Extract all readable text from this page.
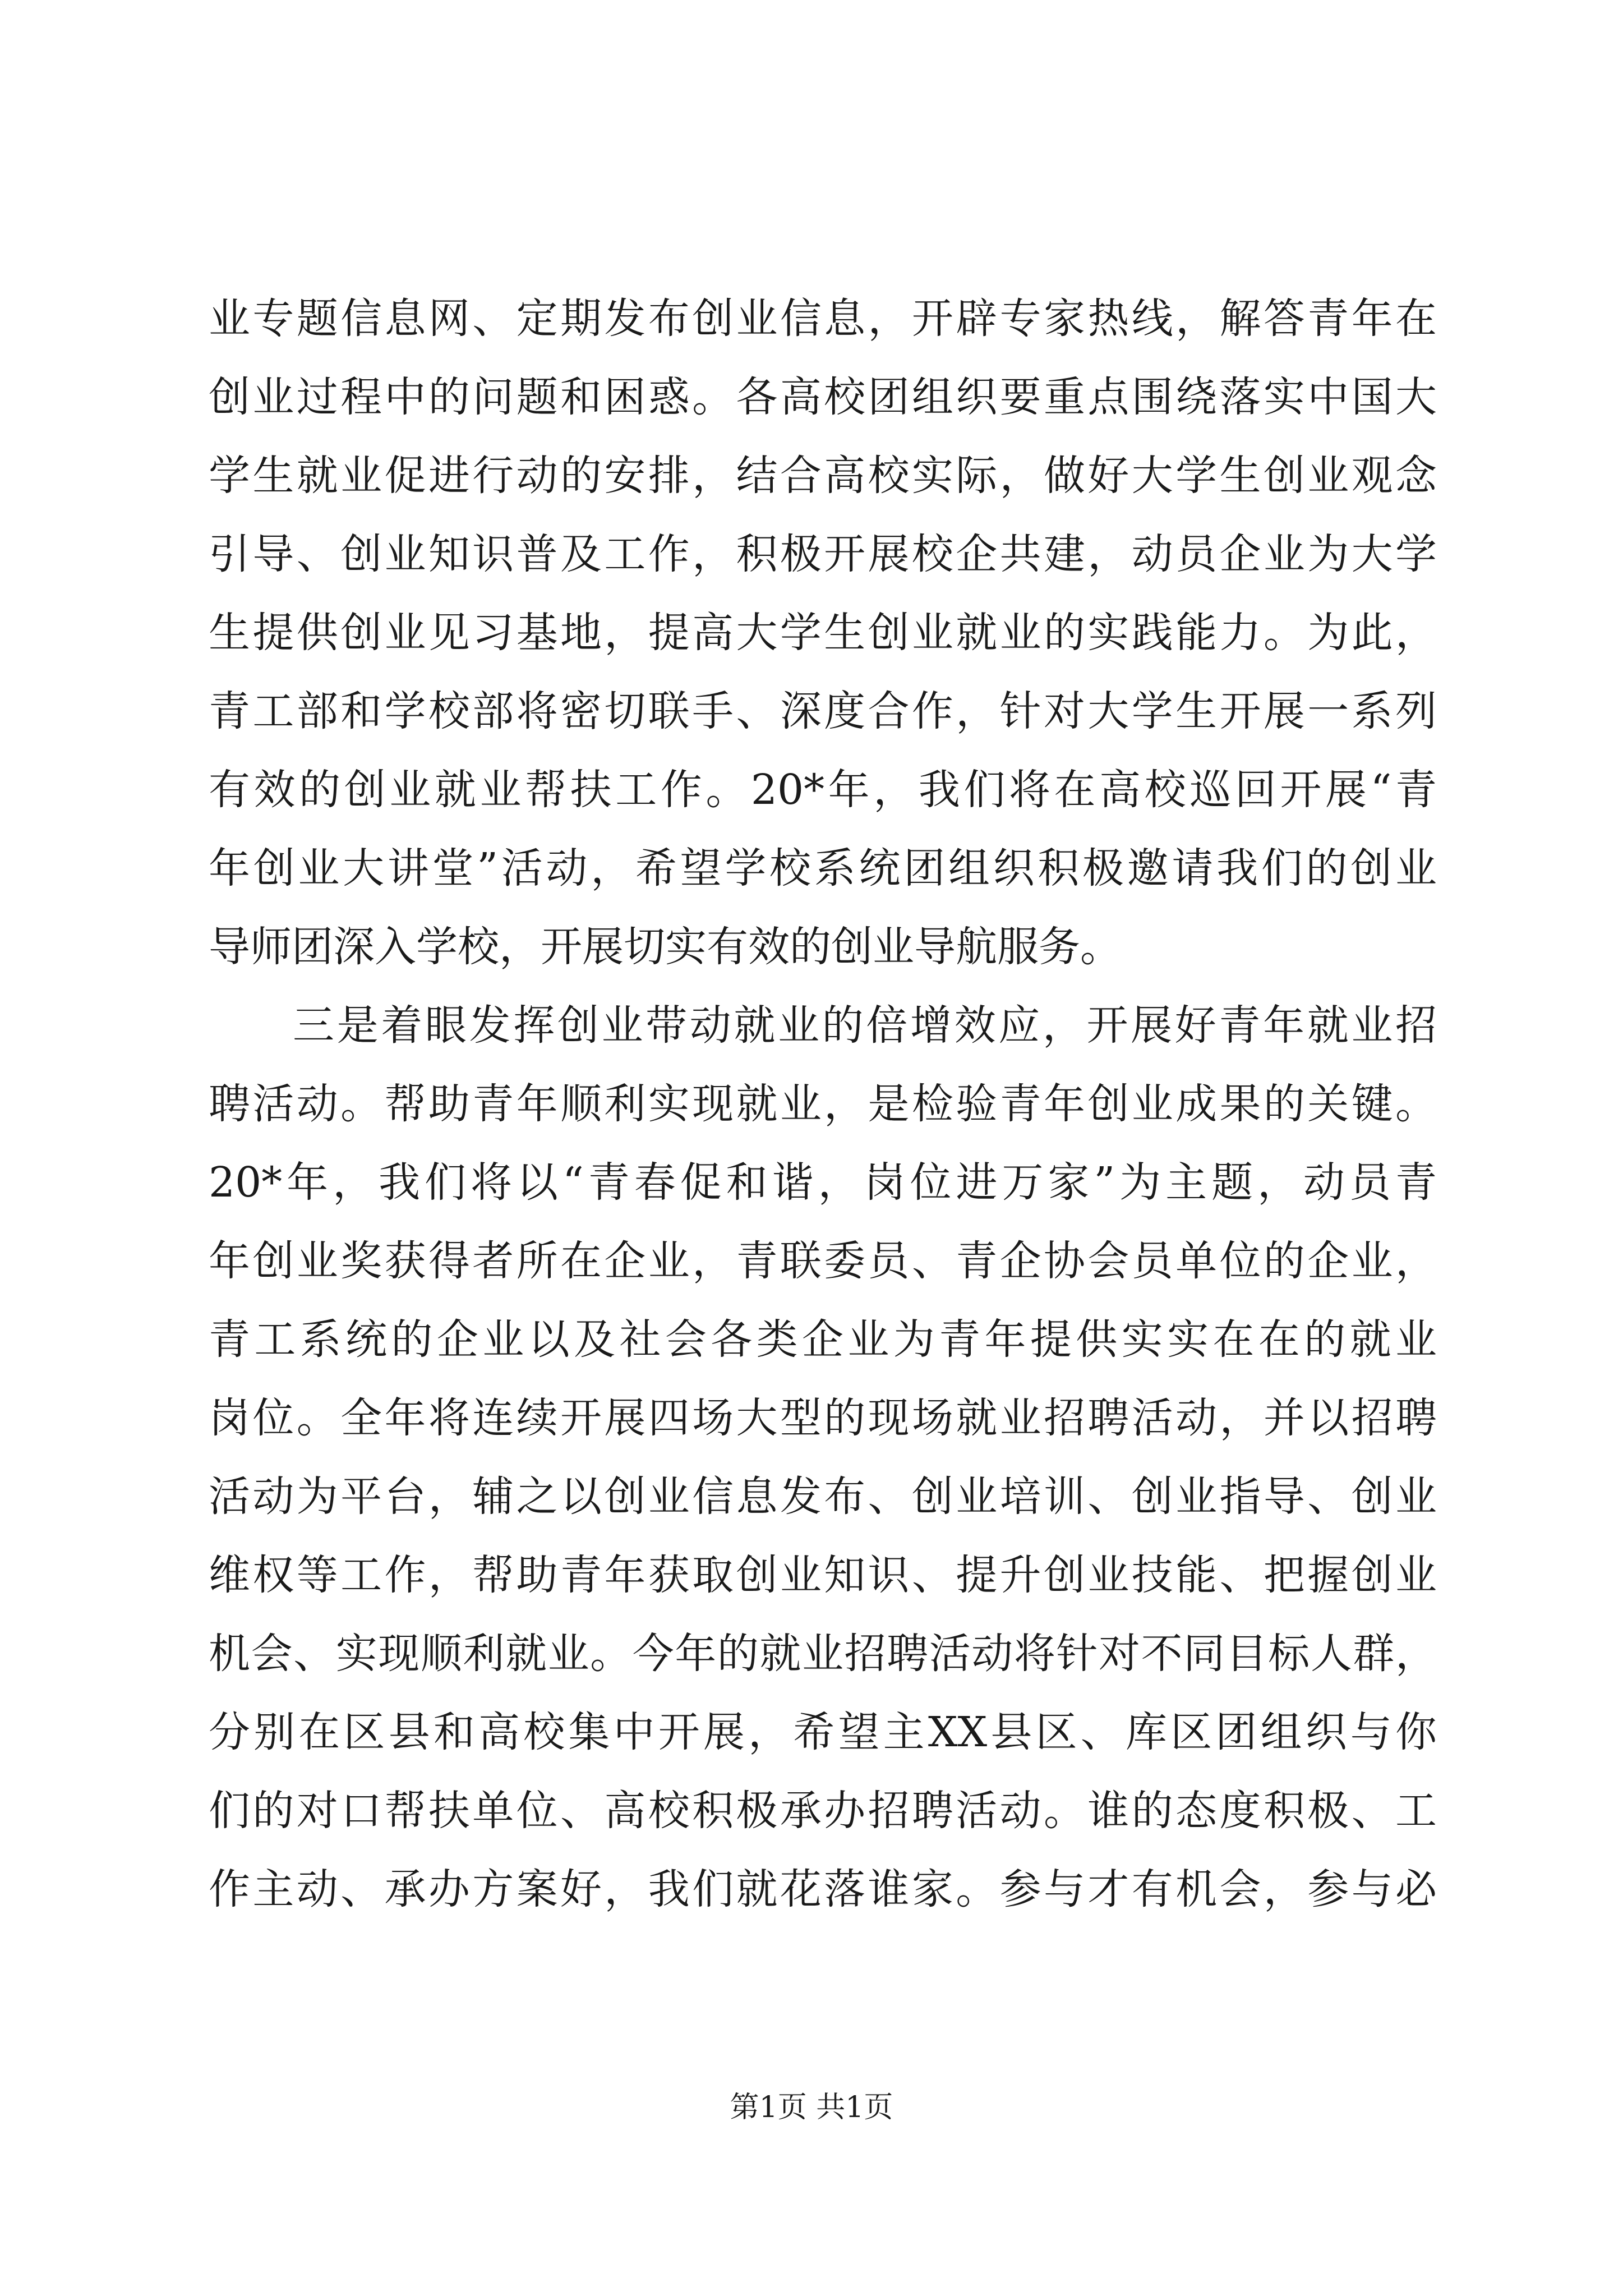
业专题信息网、定期发布创业信息，开辟专家热线，解答青年在
创业过程中的问题和困惑。各高校团组织要重点围绕落实中国大
学生就业促进行动的安排，结合高校实际，做好大学生创业观念
引导、创业知识普及工作，积极开展校企共建，动员企业为大学
生提供创业见习基地，提高大学生创业就业的实践能力。为此，
青工部和学校部将密切联手、深度合作，针对大学生开展一系列
有效的创业就业帮扶工作。20*年，我们将在高校巡回开展“青
年创业大讲堂”活动，希望学校系统团组织积极邀请我们的创业
导师团深入学校，开展切实有效的创业导航服务。
三是着眼发挥创业带动就业的倍增效应，开展好青年就业招
聘活动。帮助青年顺利实现就业，是检验青年创业成果的关键。
20*年，我们将以“青春促和谐，岗位进万家”为主题，动员青
年创业奖获得者所在企业，青联委员、青企协会员单位的企业，
青工系统的企业以及社会各类企业为青年提供实实在在的就业
岗位。全年将连续开展四场大型的现场就业招聘活动，并以招聘
活动为平台，辅之以创业信息发布、创业培训、创业指导、创业
维权等工作，帮助青年获取创业知识、提升创业技能、把握创业
机会、实现顺利就业。今年的就业招聘活动将针对不同目标人群，
分别在区县和高校集中开展，希望主XX县区、库区团组织与你
们的对口帮扶单位、高校积极承办招聘活动。谁的态度积极、工
作主动、承办方案好，我们就花落谁家。参与才有机会，参与必
第1页 共1页
